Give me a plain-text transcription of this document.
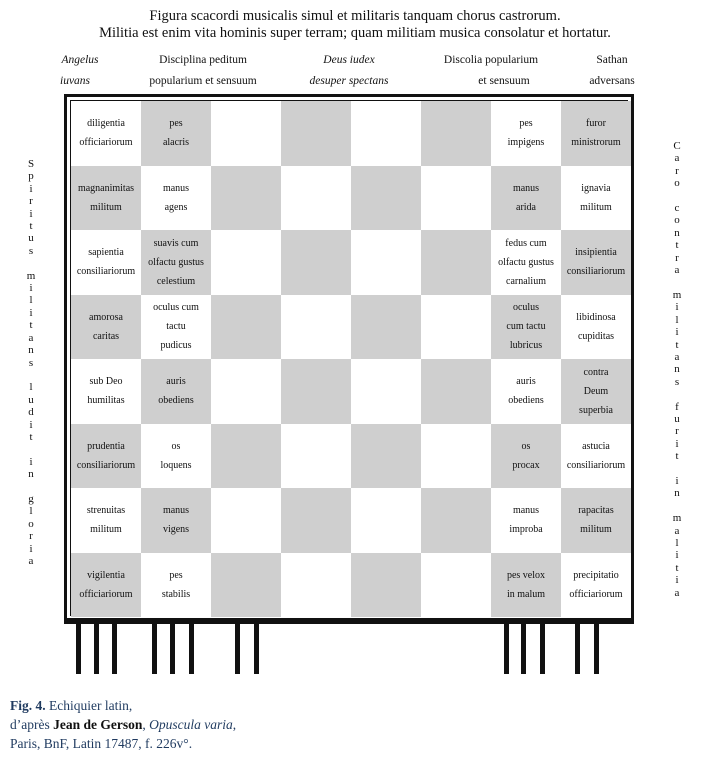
Figura scacordi musicalis simul et militaris tanquam chorus castrorum.
Militia est enim vita hominis super terram; quam militiam musica consolatur et hortatur.
Angelus
iuvans
Disciplina peditum
popularium et sensuum
Deus iudex
desuper spectans
Discolia popularium
et sensuum
Sathan
adversans
S
p
i
r
i
t
u
s

m
i
l
i
t
a
n
s

l
u
d
i
t

i
n

g
l
o
r
i
a
C
a
r
o

c
o
n
t
r
a

m
i
l
i
t
a
n
s

f
u
r
i
t

i
n

m
a
l
i
t
i
a
diligentia
officiariorum
pes
alacris
pes
impigens
furor
ministrorum
magnanimitas
militum
manus
agens
manus
arida
ignavia
militum
sapientia
consiliariorum
suavis cum
olfactu gustus
celestium
fedus cum
olfactu gustus
carnalium
insipientia
consiliariorum
amorosa
caritas
oculus cum
tactu
pudicus
oculus
cum tactu
lubricus
libidinosa
cupiditas
sub Deo
humilitas
auris
obediens
auris
obediens
contra
Deum
superbia
prudentia
consiliariorum
os
loquens
os
procax
astucia
consiliariorum
strenuitas
militum
manus
vigens
manus
improba
rapacitas
militum
vigilentia
officiariorum
pes
stabilis
pes velox
in malum
precipitatio
officiariorum
Fig. 4. Echiquier latin,
d’après Jean de Gerson, Opuscula varia,
Paris, BnF, Latin 17487, f. 226v°.
